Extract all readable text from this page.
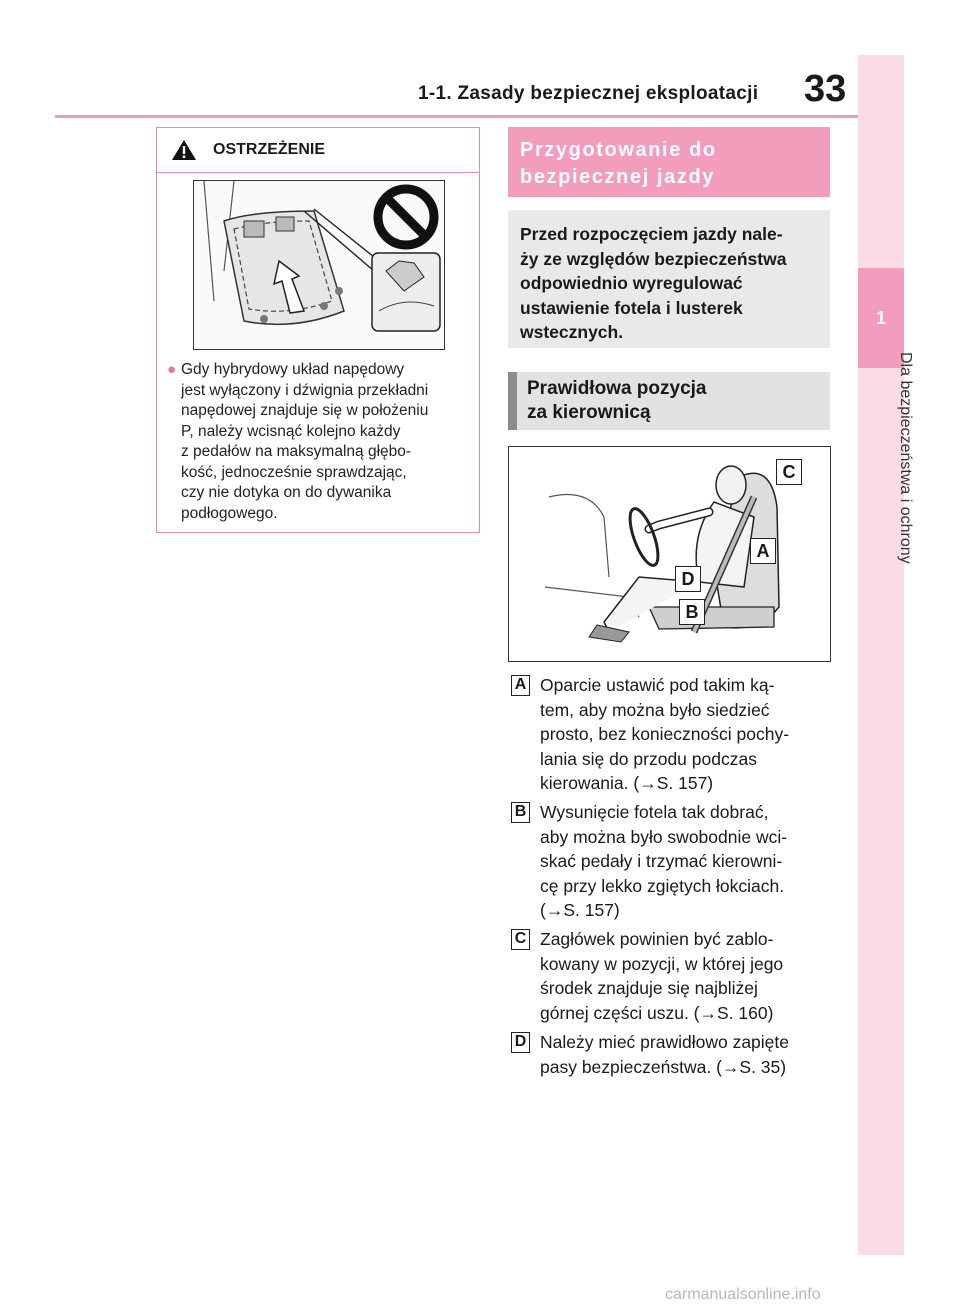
1-1. Zasady bezpiecznej eksploatacji 33
1
Dla bezpieczeństwa i ochrony
OSTRZEŻENIE
● Gdy hybrydowy układ napędowy
jest wyłączony i dźwignia przekładni
napędowej znajduje się w położeniu
P, należy wcisnąć kolejno każdy
z pedałów na maksymalną głębo-
kość, jednocześnie sprawdzając,
czy nie dotyka on do dywanika
podłogowego.
Przygotowanie do
bezpiecznej jazdy
Przed rozpoczęciem jazdy nale-
ży ze względów bezpieczeństwa
odpowiednio wyregulować
ustawienie fotela i lusterek
wstecznych.
Prawidłowa pozycja
za kierownicą
C
A
D
B
A Oparcie ustawić pod takim ką-
tem, aby można było siedzieć
prosto, bez konieczności pochy-
lania się do przodu podczas
kierowania. (→S. 157)
B Wysunięcie fotela tak dobrać,
aby można było swobodnie wci-
skać pedały i trzymać kierowni-
cę przy lekko zgiętych łokciach.
(→S. 157)
C Zagłówek powinien być zablo-
kowany w pozycji, w której jego
środek znajduje się najbliżej
górnej części uszu. (→S. 160)
D Należy mieć prawidłowo zapięte
pasy bezpieczeństwa. (→S. 35)
carmanualsonline.info
